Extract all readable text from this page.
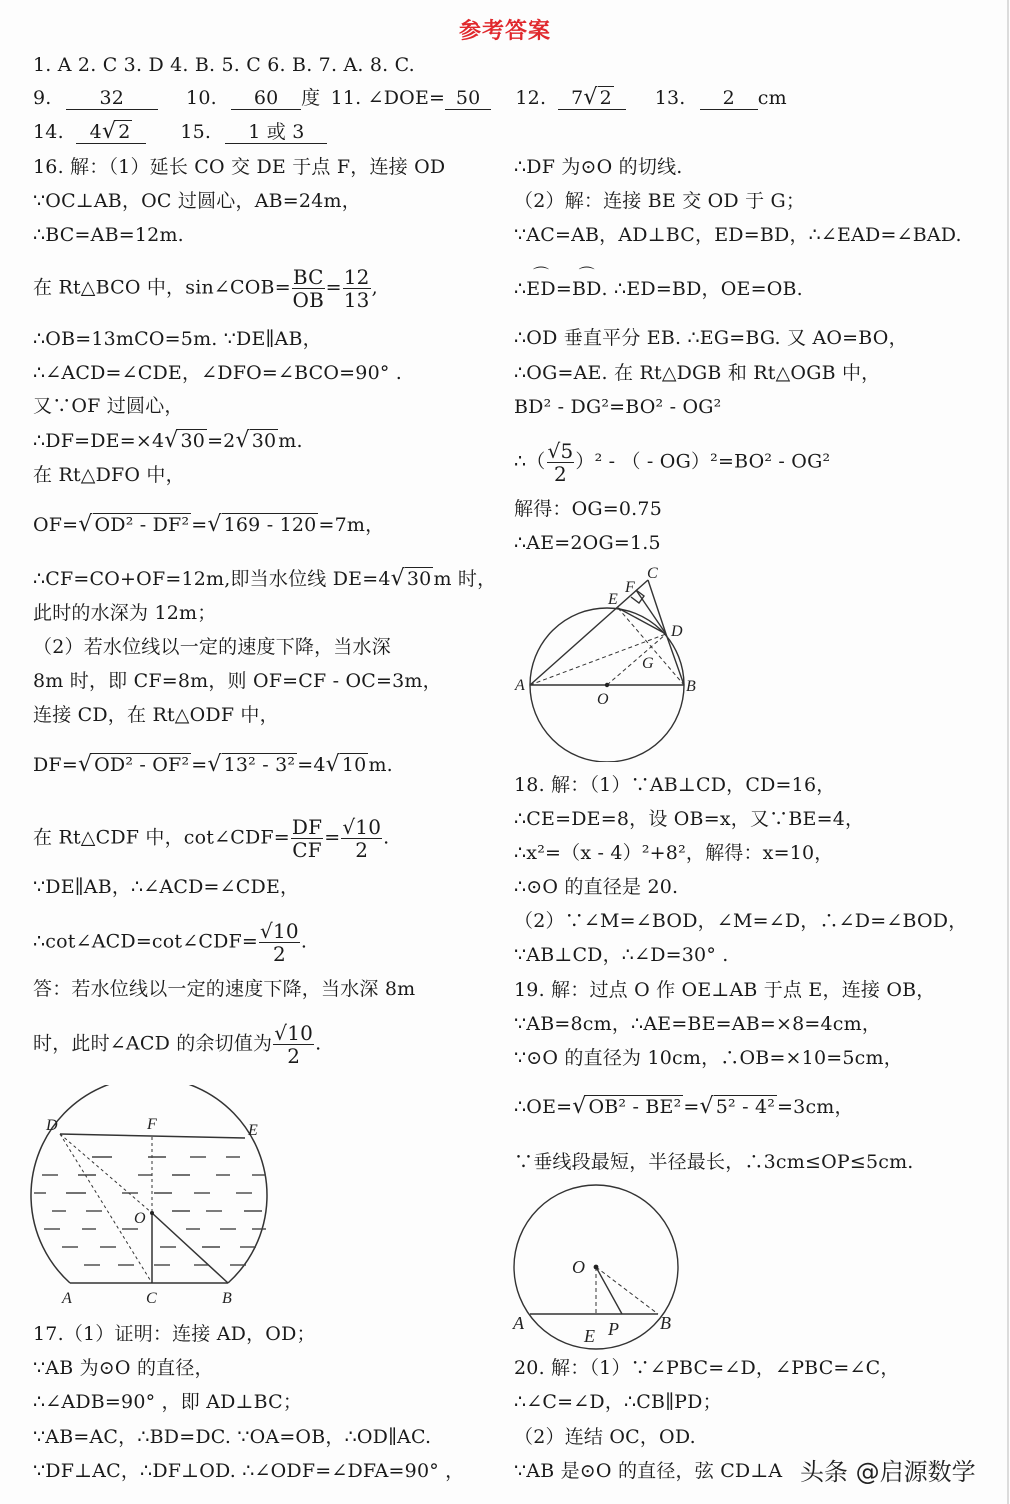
参考答案
1. A 2. C 3. D 4. B. 5. C 6. B. 7. A. 8. C.
9.	32	10. 60 度 11. ∠DOE= 50 12. 7√ 2 13. 2 cm
14. 4√ 2	15. 1 或 3
16. 解：（1）延长 CO 交 DE 于点 F，连接 OD
∵OC⊥AB，OC 过圆心，AB=24m，
∴BC=AB=12m.
在 Rt△BCO 中，sin∠COB= $\frac{BC}{OB} = \frac{12}{13}$ ,
∴OB=13mCO=5m. ∵DE∥AB，
∴∠ACD=∠CDE，∠DFO=∠BCO=90° .
又∵OF 过圆心，
∴DF=DE=×4√ 30 =2√ 30 m.
在 Rt△DFO 中，
OF=√ OD² - DF² =√ 169 - 120 =7m，
∴CF=CO+OF=12m,即当水位线 DE=4√ 30 m 时，
此时的水深为 12m；
（2）若水位线以一定的速度下降，当水深
8m 时，即 CF=8m，则 OF=CF - OC=3m，
连接 CD，在 Rt△ODF 中，
DF=√ OD² - OF² =√ 13² - 3² =4√ 10 m.
在 Rt△CDF 中，cot∠CDF= $\frac{DF}{CF} = \frac{√10}{2}$ .
∵DE∥AB，∴∠ACD=∠CDE，
∴cot∠ACD=cot∠CDF= $\frac{√10}{2}$ .
答：若水位线以一定的速度下降，当水深 8m
时，此时∠ACD 的余切值为 $\frac{√10}{2}$ .
D	F	E
O
A	C	B
17.（1）证明：连接 AD，OD；
∵AB 为⊙O 的直径，
∴∠ADB=90° ，即 AD⊥BC；
∵AB=AC，∴BD=DC. ∵OA=OB，∴OD∥AC.
∵DF⊥AC，∴DF⊥OD. ∴∠ODF=∠DFA=90° ，
∴DF 为⊙O 的切线.
（2）解：连接 BE 交 OD 于 G；
∵AC=AB，AD⊥BC，ED=BD，∴∠EAD=∠BAD.
∴⌒ ED=⌒ BD. ∴ED=BD，OE=OB.
∴OD 垂直平分 EB. ∴EG=BG. 又 AO=BO，
∴OG=AE. 在 Rt△DGB 和 Rt△OGB 中，
BD² - DG²=BO² - OG²
∴（ $\frac{√5}{2} )^2$ - （ - OG）²=BO² - OG²
解得：OG=0.75
∴AE=2OG=1.5
A	B
C
D
E
F
G
O
18. 解：（1）∵AB⊥CD，CD=16，
∴CE=DE=8，设 OB=x，又∵BE=4，
∴x²=（x - 4）²+8²，解得：x=10，
∴⊙O 的直径是 20.
（2）∵∠M=∠BOD，∠M=∠D，∴∠D=∠BOD，
∵AB⊥CD，∴∠D=30° .
19. 解：过点 O 作 OE⊥AB 于点 E，连接 OB，
∵AB=8cm，∴AE=BE=AB=×8=4cm，
∵⊙O 的直径为 10cm，∴OB=×10=5cm，
∴OE=√ OB² - BE² =√ 5² - 4² =3cm，
∵垂线段最短，半径最长，∴3cm≤OP≤5cm.
O
A
E P B
20. 解：（1）∵∠PBC=∠D，∠PBC=∠C，
∴∠C=∠D，∴CB∥PD；
（2）连结 OC，OD.
∵AB 是⊙O 的直径，弦 CD⊥A 头条 @启源数学
